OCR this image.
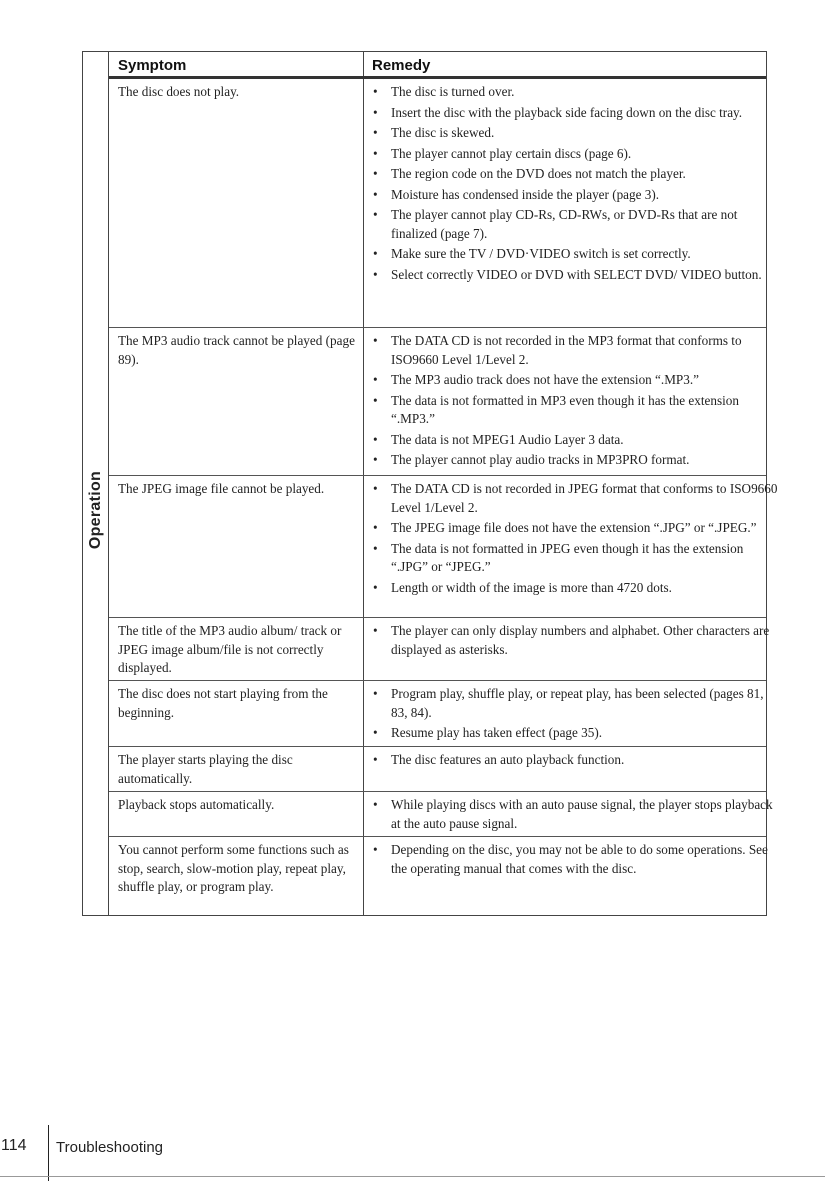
Operation
Symptom	Remedy
The disc does not play.	• The disc is turned over.
• Insert the disc with the playback side facing down on the disc tray.
• The disc is skewed.
• The player cannot play certain discs (page 6).
• The region code on the DVD does not match the player.
• Moisture has condensed inside the player (page 3).
• The player cannot play CD-Rs, CD-RWs, or DVD-Rs that are not finalized (page 7).
• Make sure the TV / DVD·VIDEO switch is set correctly.
• Select correctly VIDEO or DVD with SELECT DVD/ VIDEO button.
The MP3 audio track cannot be played (page 89).
• The DATA CD is not recorded in the MP3 format that conforms to ISO9660 Level 1/Level 2.
• The MP3 audio track does not have the extension “.MP3.”
• The data is not formatted in MP3 even though it has the extension “.MP3.”
• The data is not MPEG1 Audio Layer 3 data.
• The player cannot play audio tracks in MP3PRO format.
The JPEG image file cannot be played.	• The DATA CD is not recorded in JPEG format that conforms to ISO9660 Level 1/Level 2.
• The JPEG image file does not have the extension “.JPG” or “.JPEG.”
• The data is not formatted in JPEG even though it has the extension “.JPG” or “JPEG.”
• Length or width of the image is more than 4720 dots.
The title of the MP3 audio album/ track or JPEG image album/file is not correctly displayed.
• The player can only display numbers and alphabet. Other characters are displayed as asterisks.
The disc does not start playing from the beginning.
• Program play, shuffle play, or repeat play, has been selected (pages 81, 83, 84).
• Resume play has taken effect (page 35).
The player starts playing the disc automatically.
• The disc features an auto playback function.
Playback stops automatically.	• While playing discs with an auto pause signal, the player stops playback at the auto pause signal.
You cannot perform some functions such as stop, search, slow-motion play, repeat play, shuffle play, or program play.
• Depending on the disc, you may not be able to do some operations. See the operating manual that comes with the disc.
114 Troubleshooting
